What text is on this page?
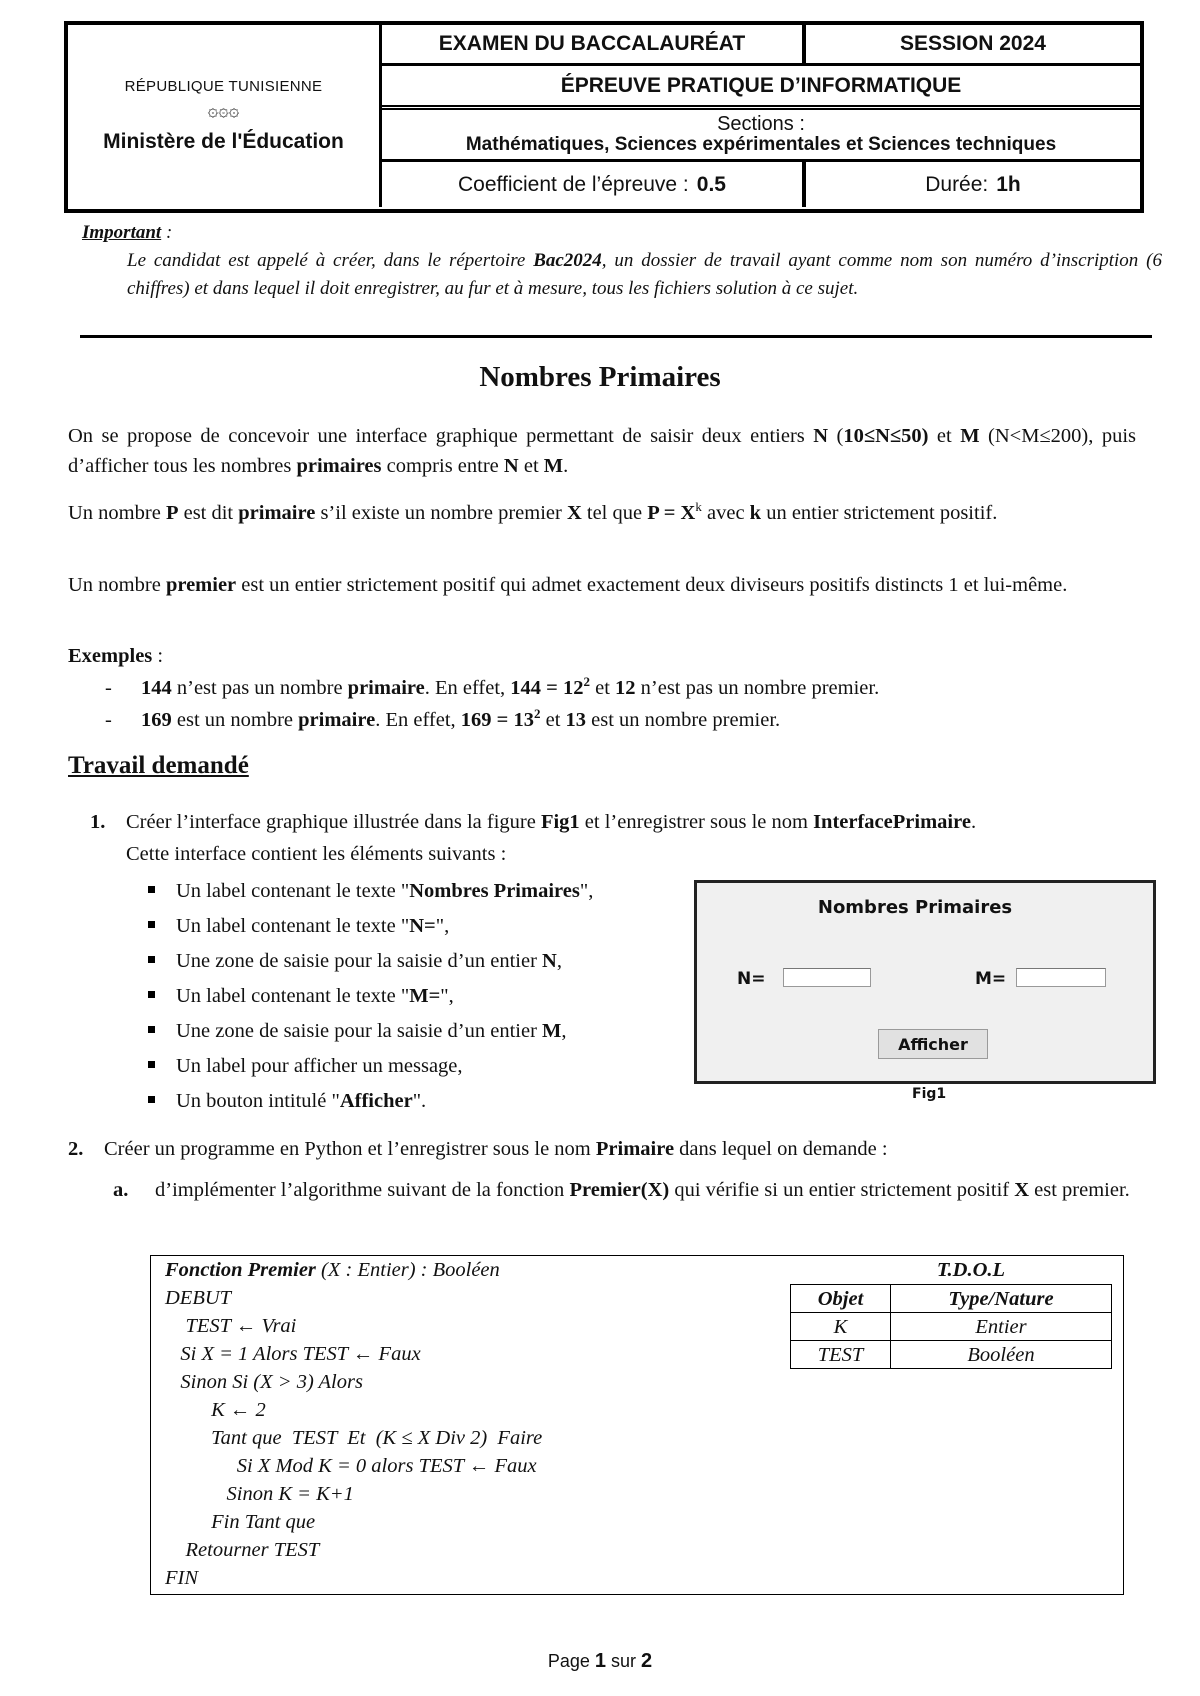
RÉPUBLIQUE TUNISIENNE
۞۞۞
Ministère de l'Éducation
EXAMEN DU BACCALAURÉAT	SESSION 2024
ÉPREUVE PRATIQUE D’INFORMATIQUE
Sections :
Mathématiques, Sciences expérimentales et Sciences techniques
Coefficient de l’épreuve : 0.5	Durée: 1h
Important :
Le candidat est appelé à créer, dans le répertoire Bac2024, un dossier de travail ayant comme nom son numéro d’inscription (6 chiffres) et dans lequel il doit enregistrer, au fur et à mesure, tous les fichiers solution à ce sujet.
Nombres Primaires
On se propose de concevoir une interface graphique permettant de saisir deux entiers N (10≤N≤50) et M (N<M≤200), puis d’afficher tous les nombres primaires compris entre N et M.
Un nombre P est dit primaire s’il existe un nombre premier X tel que $P = X^k$ avec k un entier strictement positif.
Un nombre premier est un entier strictement positif qui admet exactement deux diviseurs positifs distincts 1 et lui-même.
Exemples :
- 144 n’est pas un nombre primaire. En effet, $144 = 12^2$ et 12 n’est pas un nombre premier.
- 169 est un nombre primaire. En effet, $169 = 13^2$ et 13 est un nombre premier.
Travail demandé
1. Créer l’interface graphique illustrée dans la figure Fig1 et l’enregistrer sous le nom InterfacePrimaire.
Cette interface contient les éléments suivants :
Un label contenant le texte "Nombres Primaires",
Un label contenant le texte "N=",
Une zone de saisie pour la saisie d’un entier N,
Un label contenant le texte "M=",
Une zone de saisie pour la saisie d’un entier M,
Un label pour afficher un message,
Un bouton intitulé "Afficher".
Nombres Primaires
N=	M=
Afficher
Fig1
2. Créer un programme en Python et l’enregistrer sous le nom Primaire dans lequel on demande :
a. d’implémenter l’algorithme suivant de la fonction Premier(X) qui vérifie si un entier strictement positif X est premier.
Fonction Premier (X : Entier) : Booléen
DEBUT
TEST ← Vrai
Si X = 1 Alors TEST ← Faux
Sinon Si (X > 3) Alors
K ← 2
Tant que  TEST  Et  (K ≤ X Div 2)  Faire
Si X Mod K = 0 alors TEST ← Faux
Sinon K = K+1
Fin Tant que
Retourner TEST
FIN
T.D.O.L
Objet	Type/Nature
K	Entier
TEST	Booléen
Page 1 sur 2
